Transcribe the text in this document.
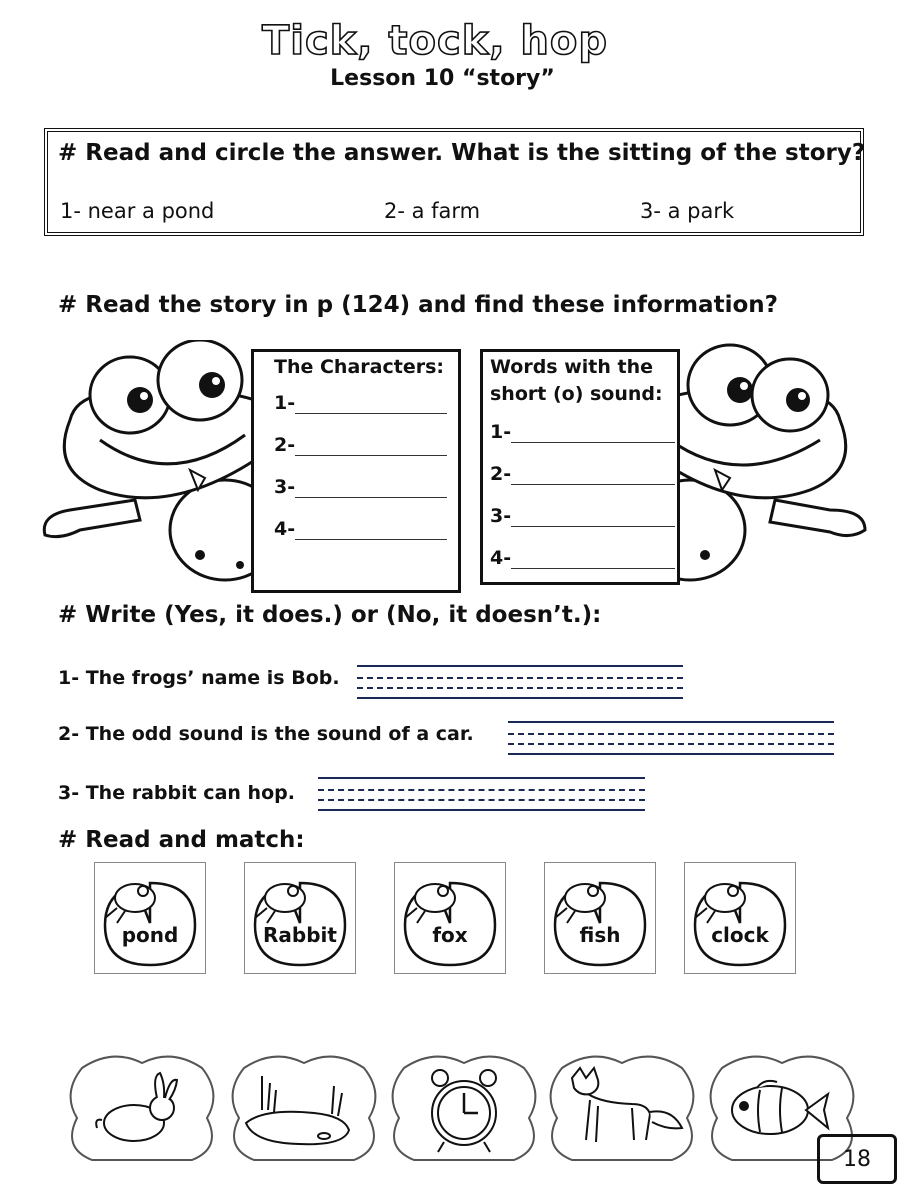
Tick, tock, hop
Lesson 10 “story”
# Read and circle the answer. What is the sitting of the story?
1- near a pond	2- a farm	3- a park
# Read the story in p (124) and find these information?
The Characters:
1-
2-
3-
4-
Words with the
short (o) sound:
1-
2-
3-
4-
# Write (Yes, it does.) or (No, it doesn’t.):
1- The frogs’ name is Bob.
2- The odd sound is the sound of a car.
3- The rabbit can hop.
# Read and match:
pond	Rabbit	fox	fish	clock
18
